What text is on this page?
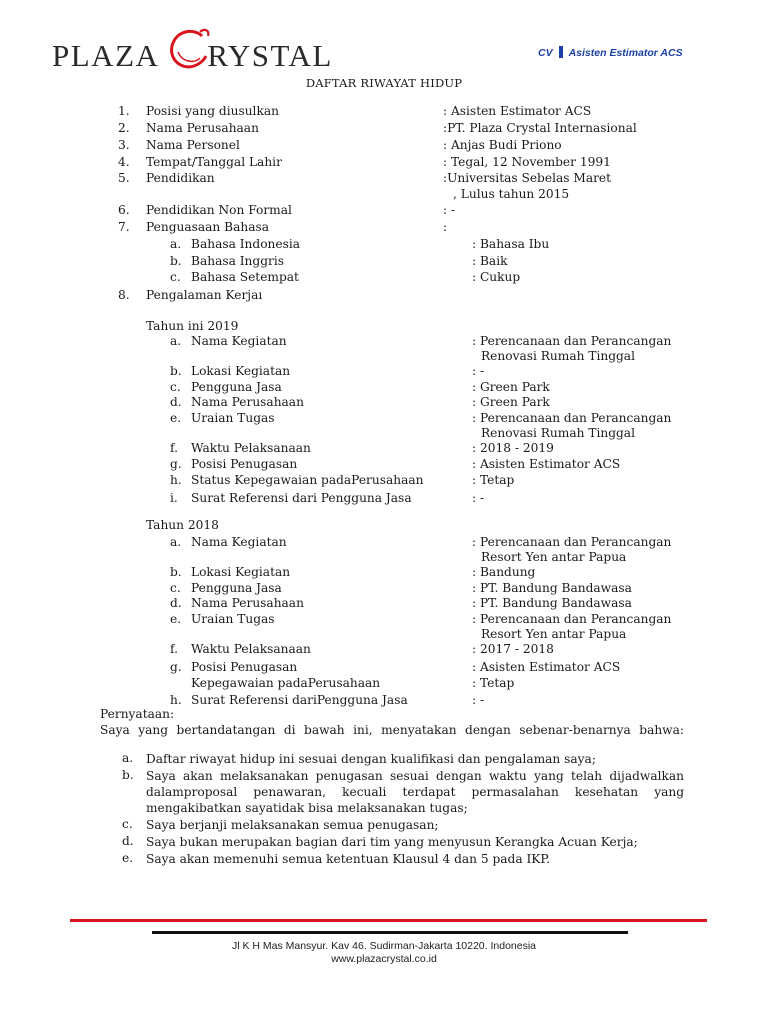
PLAZA RYSTAL	CV Asisten Estimator ACS
DAFTAR RIWAYAT HIDUP
1. Posisi yang diusulkan	: Asisten Estimator ACS
2. Nama Perusahaan	:PT. Plaza Crystal Internasional
3. Nama Personel	: Anjas Budi Priono
4. Tempat/Tanggal Lahir	: Tegal, 12 November 1991
5. Pendidikan	:Universitas Sebelas Maret
, Lulus tahun 2015
6. Pendidikan Non Formal	: -
7. Penguasaan Bahasa	:
a. Bahasa Indonesia	: Bahasa Ibu
b. Bahasa Inggris	: Baik
c. Bahasa Setempat	: Cukup
8. Pengalaman Kerjaı
Tahun ini 2019
a. Nama Kegiatan	: Perencanaan dan Perancangan
Renovasi Rumah Tinggal
b. Lokasi Kegiatan	: -
c. Pengguna Jasa	: Green Park
d. Nama Perusahaan	: Green Park
e. Uraian Tugas	: Perencanaan dan Perancangan
Renovasi Rumah Tinggal
f. Waktu Pelaksanaan	: 2018 - 2019
g. Posisi Penugasan	: Asisten Estimator ACS
h. Status Kepegawaian padaPerusahaan	: Tetap
i. Surat Referensi dari Pengguna Jasa	: -
Tahun 2018
a. Nama Kegiatan	: Perencanaan dan Perancangan
Resort Yen antar Papua
b. Lokasi Kegiatan	: Bandung
c. Pengguna Jasa	: PT. Bandung Bandawasa
d. Nama Perusahaan	: PT. Bandung Bandawasa
e. Uraian Tugas	: Perencanaan dan Perancangan
Resort Yen antar Papua
f. Waktu Pelaksanaan	: 2017 - 2018
g. Posisi Penugasan	: Asisten Estimator ACS
Kepegawaian padaPerusahaan	: Tetap
h. Surat Referensi dariPengguna Jasa	: -
Pernyataan:
Saya yang bertandatangan di bawah ini, menyatakan dengan sebenar-benarnya bahwa:
a. Daftar riwayat hidup ini sesuai dengan kualifikasi dan pengalaman saya;
b. Saya akan melaksanakan penugasan sesuai dengan waktu yang telah dijadwalkan
dalamproposal penawaran, kecuali terdapat permasalahan kesehatan yang
mengakibatkan sayatidak bisa melaksanakan tugas;
c. Saya berjanji melaksanakan semua penugasan;
d. Saya bukan merupakan bagian dari tim yang menyusun Kerangka Acuan Kerja;
e. Saya akan memenuhi semua ketentuan Klausul 4 dan 5 pada IKP.
Jl K H Mas Mansyur. Kav 46. Sudirman-Jakarta 10220. Indonesia
www.plazacrystal.co.id
